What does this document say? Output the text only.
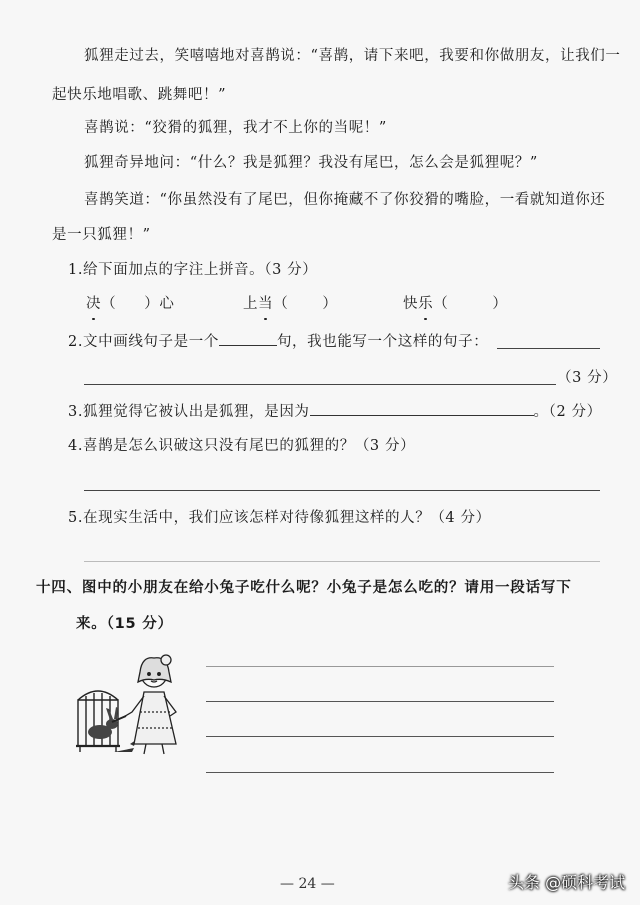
狐狸走过去，笑嘻嘻地对喜鹊说：“喜鹊，请下来吧，我要和你做朋友，让我们一
起快乐地唱歌、跳舞吧！”
喜鹊说：“狡猾的狐狸，我才不上你的当呢！”
狐狸奇异地问：“什么？我是狐狸？我没有尾巴，怎么会是狐狸呢？”
喜鹊笑道：“你虽然没有了尾巴，但你掩藏不了你狡猾的嘴脸，一看就知道你还
是一只狐狸！”
1.给下面加点的字注上拼音。（3 分）
决（ ）心	上当（ ）	快乐（	）
2.文中画线句子是一个	句，我也能写一个这样的句子：
（3 分）
3.狐狸觉得它被认出是狐狸，是因为	。（2 分）
4.喜鹊是怎么识破这只没有尾巴的狐狸的？（3 分）
5.在现实生活中，我们应该怎样对待像狐狸这样的人？（4 分）
十四、图中的小朋友在给小兔子吃什么呢？小兔子是怎么吃的？请用一段话写下
来。（15 分）
— 24 —	头条 @硕科考试
